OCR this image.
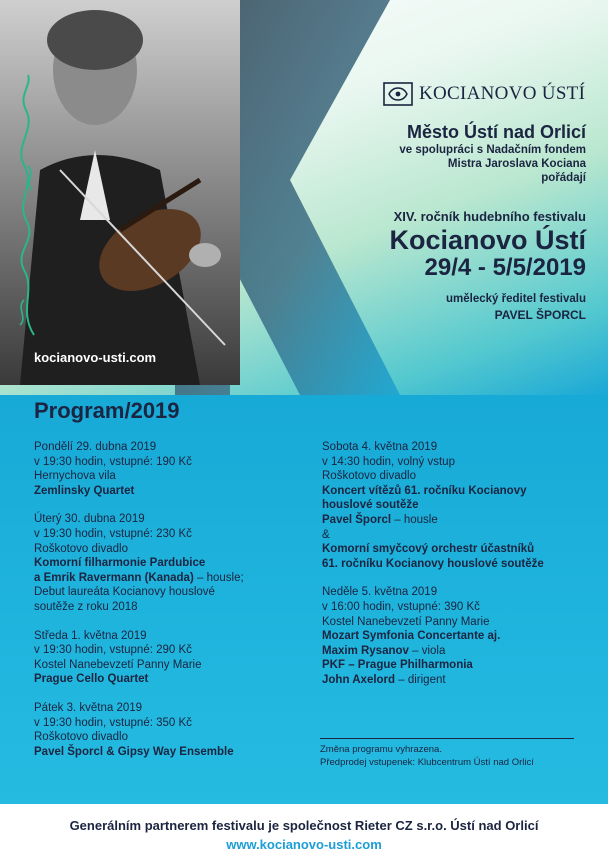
KOCIANOVO ÚSTÍ
Město Ústí nad Orlicí
ve spolupráci s Nadačním fondem
Mistra Jaroslava Kociana
pořádají
XIV. ročník hudebního festivalu
Kocianovo Ústí
29/4 - 5/5/2019
umělecký ředitel festivalu
PAVEL ŠPORCL
kocianovo-usti.com
Program/2019
Pondělí 29. dubna 2019
v 19:30 hodin, vstupné: 190 Kč
Hernychova vila
Zemlinsky Quartet
Úterý 30. dubna 2019
v 19:30 hodin, vstupné: 230 Kč
Roškotovo divadlo
Komorní filharmonie Pardubice
a Emrik Ravermann (Kanada) – housle;
Debut laureáta Kocianovy houslové
soutěže z roku 2018
Středa 1. května 2019
v 19:30 hodin, vstupné: 290 Kč
Kostel Nanebevzetí Panny Marie
Prague Cello Quartet
Pátek 3. května 2019
v 19:30 hodin, vstupné: 350 Kč
Roškotovo divadlo
Pavel Šporcl & Gipsy Way Ensemble
Sobota 4. května 2019
v 14:30 hodin, volný vstup
Roškotovo divadlo
Koncert vítězů 61. ročníku Kocianovy
houslové soutěže
Pavel Šporcl – housle
&
Komorní smyčcový orchestr účastníků
61. ročníku Kocianovy houslové soutěže
Neděle 5. května 2019
v 16:00 hodin, vstupné: 390 Kč
Kostel Nanebevzetí Panny Marie
Mozart Symfonia Concertante aj.
Maxim Rysanov – viola
PKF – Prague Philharmonia
John Axelord – dirigent
Změna programu vyhrazena.
Předprodej vstupenek: Klubcentrum Ústí nad Orlicí
Generálním partnerem festivalu je společnost Rieter CZ s.r.o. Ústí nad Orlicí
www.kocianovo-usti.com
